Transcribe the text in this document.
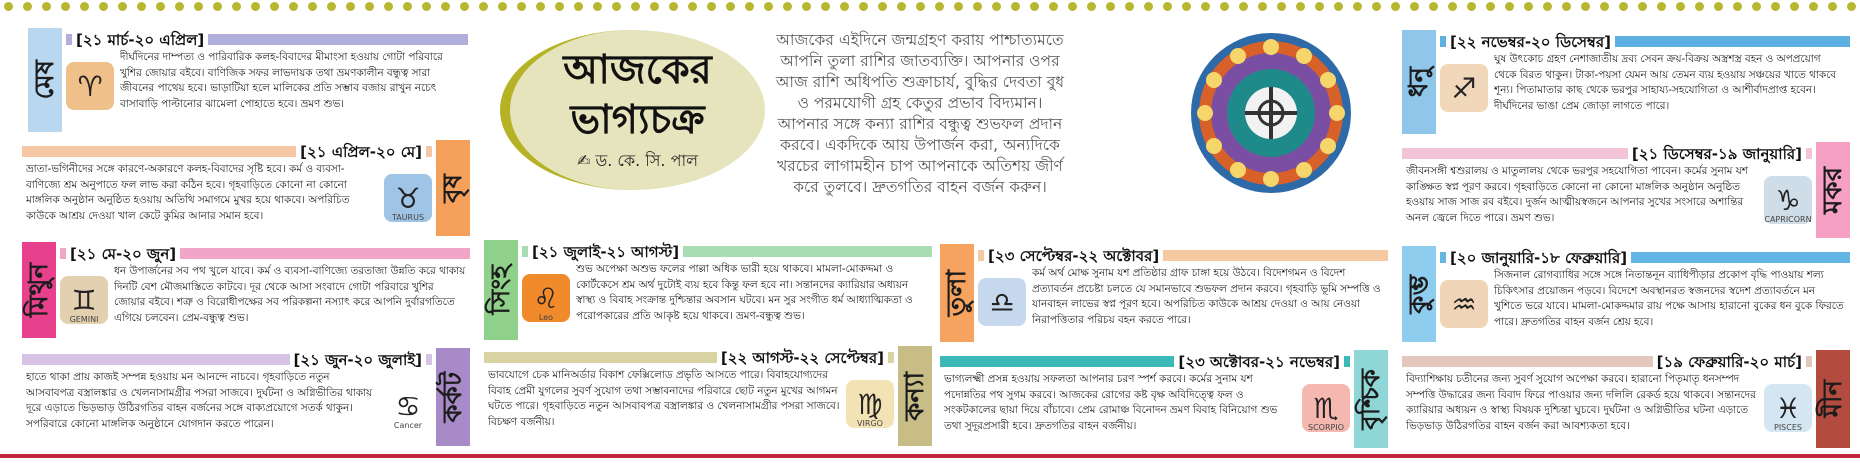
আজকের
ভাগ্যচক্র
✍ ড. কে. সি. পাল
আজকের এইদিনে জন্মগ্রহণ করায় পাশ্চাত্যমতে আপনি তুলা রাশির জাতব্যক্তি। আপনার ওপর আজ রাশি অধিপতি শুক্রাচার্য, বুদ্ধির দেবতা বুধ ও পরমযোগী গ্রহ কেতুর প্রভাব বিদ্যমান। আপনার সঙ্গে কন্যা রাশির বন্ধুত্ব শুভফল প্রদান করবে। একদিকে আয় উপার্জন করা, অন্যদিকে খরচের লাগামহীন চাপ আপনাকে অতিশয় জীর্ণ করে তুলবে। দ্রুতগতির বাহন বর্জন করুন।
মেষ
[২১ মার্চ-২০ এপ্রিল]
♈
দীর্ঘদিনের দাম্পত্য ও পারিবারিক কলহ-বিবাদের মীমাংসা হওয়ায় গোটা পরিবারে খুশির জোয়ার বইবে। বাণিজিক সফর লাভদায়ক তথা ভ্রমণকালীন বন্ধুত্ব সারা জীবনের পাথেয় হবে। ভাড়াটিয়া হলে মালিকের প্রতি সম্ভাব বজায় রাখুন নচেৎ বাসাবাড়ি পাল্টানোর ঝামেলা পোহাতে হবে। ভ্রমণ শুভ।
বৃষ
[২১ এপ্রিল-২০ মে]
♉
TAURUS
ভ্রাতা-ভগিনীদের সঙ্গে কারণে-অকারণে কলহ-বিবাদের সৃষ্টি হবে। কর্ম ও ব্যবসা-বাণিজ্যে শ্রম অনুপাতে ফল লাভ করা কঠিন হবে। গৃহবাড়িতে কোনো না কোনো মাঙ্গলিক অনুষ্ঠান অনুষ্ঠিত হওয়ায় অতিথি সমাগমে মুখর হয়ে থাকবে। অপরিচিত কাউকে আশ্রয় দেওয়া খাল কেটে কুমির আনার সমান হবে।
মিথুন
[২১ মে-২০ জুন]
♊
GEMINI
ধন উপার্জনের সব পথ খুলে যাবে। কর্ম ও ব্যবসা-বাণিজ্যে তরতাজা উন্নতি করে থাকায় দিনটি বেশ মৌজমাস্তিতে কাটবে। দূর থেকে আসা সংবাদে গোটা পরিবারে খুশির জোয়ার বইবে। শত্রু ও বিরোধীপক্ষের সব পরিকল্পনা নস্যাৎ করে আপনি দুর্বারগতিতে এগিয়ে চলবেন। প্রেম-বন্ধুত্ব শুভ।
কর্কট
[২১ জুন-২০ জুলাই]
♋
Cancer
হাতে থাকা প্রায় কাজই সম্পন্ন হওয়ায় মন আনন্দে নাচবে। গৃহবাড়িতে নতুন আসবাবপত্র বস্ত্রালঙ্কার ও খেলনাসামগ্রীর পসরা সাজবে। দুর্ঘটনা ও অগ্নিভীতির থাকায় দূরে এড়াতে ভিড়ভাড় উঠিরগতির বাহন বর্জনের সঙ্গে বাক্যপ্রয়োগে সতর্ক থাকুন। সপরিবারে কোনো মাঙ্গলিক অনুষ্ঠানে যোগদান করতে পারেন।
সিংহ
[২১ জুলাই-২১ আগস্ট]
♌
Leo
শুভ অপেক্ষা অশুভ ফলের পাল্লা অধিক ভারী হয়ে থাকবে। মামলা-মোকদ্দমা ও কোর্টকেসে শ্রম অর্থ দুটোই ব্যয় হবে কিন্তু ফল হবে না। সন্তানদের ক্যারিয়ার অধ্যয়ন স্বাস্থ্য ও বিবাহ সংক্রান্ত দুশ্চিন্তার অবসান ঘটবে। মন সুর সংগীত ধর্ম আধ্যাত্মিকতা ও পরোপকারের প্রতি আকৃষ্ট হয়ে থাকবে। ভ্রমণ-বন্ধুত্ব শুভ।
কন্যা
[২২ আগস্ট-২২ সেপ্টেম্বর]
♍
VIRGO
ভাবযোগে চেক মানিঅর্ডার বিকাশ ফেক্সিলোড প্রভৃতি আসতে পারে। বিবাহযোগ্যদের বিবাহ প্রেমী যুগলের সুবর্ণ সুযোগ তথা সম্ভাবনাদের পরিবারে ছোট নতুন মুখের আগমন ঘটতে পারে। গৃহবাড়িতে নতুন আসবাবপত্র বস্ত্রালঙ্কার ও খেলনাসামগ্রীর পসরা সাজবে। বিচক্ষণ বর্জনীয়।
তুলা
[২৩ সেপ্টেম্বর-২২ অক্টোবর]
♎
কর্ম অর্থ মোক্ষ সুনাম যশ প্রতিষ্ঠার গ্রাফ চাঙ্গা হয়ে উঠবে। বিদেশগমন ও বিদেশ প্রত্যাবর্তন প্রচেষ্টা চলতে যে সমানভাবে শুভফল প্রদান করবে। গৃহবাড়ি ভূমি সম্পত্তি ও যানবাহন লাভের স্বপ্ন পূরণ হবে। অপরিচিত কাউকে আশ্রয় দেওয়া ও আয় নেওয়া নিরাপত্তিতার পরিচয় বহন করতে পারে।
বৃশ্চিক
[২৩ অক্টোবর-২১ নভেম্বর]
♏
SCORPIO
ভাগ্যলক্ষ্মী প্রসন্ন হওয়ায় সফলতা আপনার চরণ স্পর্শ করবে। কর্মের সুনাম যশ পদোন্নতির পথ সুগম করবে। আজকের রোগের কষ্ট বৃক্ষ অবিদিত্ত্বে ফল ও সংকটকালের ছায়া দিয়ে বাঁচাবে। প্রেম রোমাঞ্চ বিনোদন ভ্রমণ বিবাহ বিনিয়োগ শুভ তথা সুদূরপ্রসারী হবে। দ্রুতগতির বাহন বর্জনীয়।
ধনু
[২২ নভেম্বর-২০ ডিসেম্বর]
♐
ঘুষ উৎকোচ গ্রহণ নেশাজাতীয় দ্রব্য সেবন ক্রয়-বিক্রয় অস্ত্রশস্ত্র বহন ও অপপ্রয়োগ থেকে বিরত থাকুন। টাকা-পয়সা যেমন আয় তেমন ব্যয় হওয়ায় সঞ্চয়ের খাতে থাকবে শূন্য। পিতামাতার কাছ থেকে ভরপুর সাহায্য-সহযোগিতা ও আশীর্বাদপ্রাপ্ত হবেন। দীর্ঘদিনের ভাঙা প্রেম জোড়া লাগতে পারে।
মকর
[২১ ডিসেম্বর-১৯ জানুয়ারি]
♑
CAPRICORN
জীবনসঙ্গী শ্বশুরালয় ও মাতুলালয় থেকে ভরপুর সহযোগিতা পাবেন। কর্মের সুনাম যশ কাঙ্ক্ষিত স্বপ্ন পূরণ করবে। গৃহবাড়িতে কোনো না কোনো মাঙ্গলিক অনুষ্ঠান অনুষ্ঠিত হওয়ায় সাজ সাজ রব বইবে। দুর্জন আত্মীয়স্বজনে আপনার সুখের সংসারে অশান্তির অনল জ্বেলে দিতে পারে। ভ্রমণ শুভ।
কুম্ভ
[২০ জানুয়ারি-১৮ ফেব্রুয়ারি]
♒
সিজনাল রোগব্যাধির সঙ্গে সঙ্গে নিতান্তনূন ব্যাধিপীড়ার প্রকোপ বৃদ্ধি পাওয়ায় শল্য চিকিৎসার প্রয়োজন পড়বে। বিদেশে অবস্থানরত স্বজনদের স্বদেশ প্রত্যাবর্তনে মন খুশিতে ভরে যাবে। মামলা-মোকদ্দমার রায় পক্ষে আসায় হারানো বুকের ধন বুকে ফিরতে পারে। দ্রুতগতির বাহন বর্জন শ্রেয় হবে।
মীন
[১৯ ফেব্রুয়ারি-২০ মার্চ]
♓
PISCES
বিদ্যাশিক্ষায় চতীনের জন্য সুবর্ণ সুযোগ অপেক্ষা করবে। হারানো পিতৃমাতৃ ধনসম্পদ সম্পত্তি উদ্ধারের জন্য বিবাদ ফিরে পাওয়ার জন্য দলিলি রেকর্ড হয়ে থাকবে। সন্তানদের ক্যারিয়ার অধ্যয়ন ও স্বাস্থ্য বিষয়ক দুশ্চিন্তা ঘুচবে। দুর্ঘটনা ও অগ্নিভীতির ঘটনা এড়াতে ভিড়ভাড় উঠিরগতির বাহন বর্জন করা আবশ্যকতা হবে।
